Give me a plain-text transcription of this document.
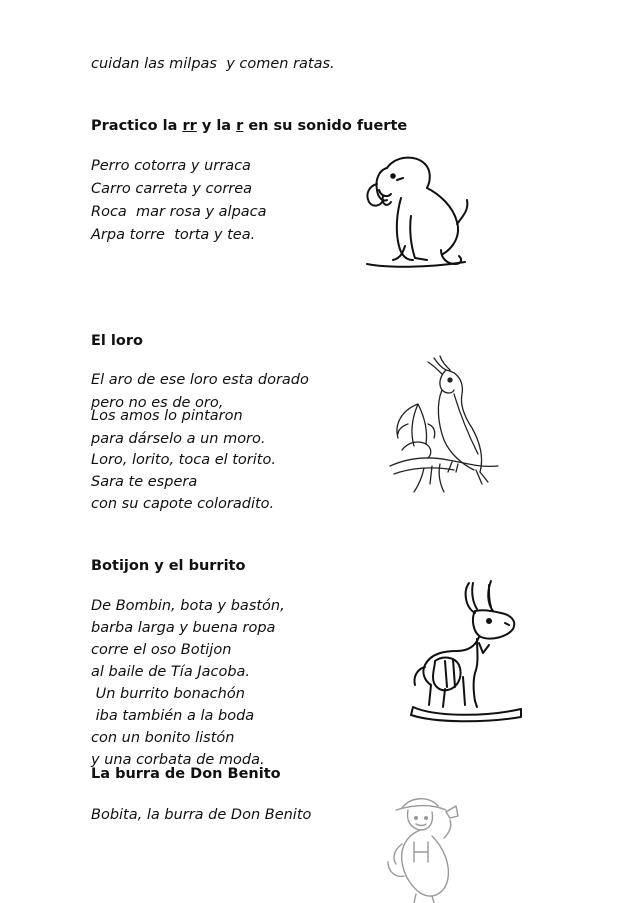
cuidan las milpas  y comen ratas.
Practico la rr y la r en su sonido fuerte
Perro cotorra y urraca
Carro carreta y correa
Roca  mar rosa y alpaca
Arpa torre  torta y tea.
El loro
El aro de ese loro esta dorado
pero no es de oro,
Los amos lo pintaron
para dárselo a un moro.
Loro, lorito, toca el torito.
Sara te espera
con su capote coloradito.
Botijon y el burrito
De Bombin, bota y bastón,
barba larga y buena ropa
corre el oso Botijon
al baile de Tía Jacoba.
Un burrito bonachón
iba también a la boda
con un bonito listón
y una corbata de moda.
La burra de Don Benito
Bobita, la burra de Don Benito
